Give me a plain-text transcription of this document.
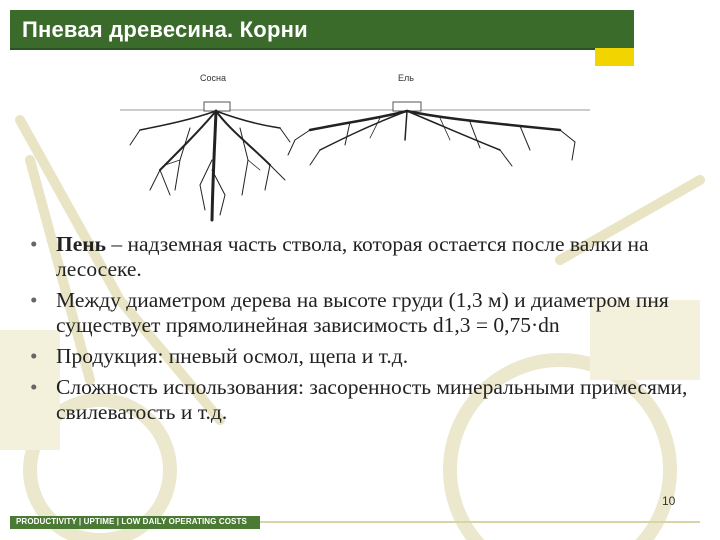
Пневая древесина. Корни
Сосна	Ель
• Пень – надземная часть ствола, которая остается после валки на лесосеке.
• Между диаметром дерева на высоте груди (1,3 м) и диаметром пня существует прямолинейная зависимость d1,3 = 0,75·dn
• Продукция: пневый осмол, щепа и т.д.
• Сложность использования: засоренность минеральными примесями, свилеватость и т.д.
10
PRODUCTIVITY | UPTIME | LOW DAILY OPERATING COSTS
